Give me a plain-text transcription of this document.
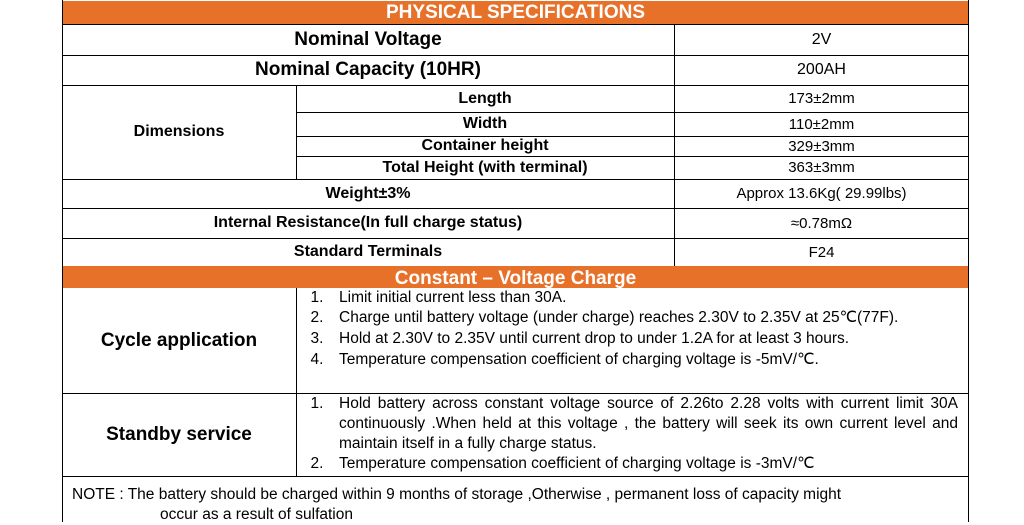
PHYSICAL SPECIFICATIONS
Nominal Voltage	2V
Nominal Capacity (10HR)	200AH
Dimensions
Length	173±2mm
Width	110±2mm
Container height	329±3mm
Total Height (with terminal)	363±3mm
Weight±3%	Approx 13.6Kg( 29.99lbs)
Internal Resistance(In full charge status)	≈0.78mΩ
Standard Terminals	F24
Constant – Voltage Charge
Cycle application
1.	Limit initial current less than 30A.
2.	Charge until battery voltage (under charge) reaches 2.30V to 2.35V at 25℃(77F).
3.	Hold at 2.30V to 2.35V until current drop to under 1.2A for at least 3 hours.
4.	Temperature compensation coefficient of charging voltage is -5mV/℃.
Standby service
1.	Hold battery across constant voltage source of 2.26to 2.28 volts with current limit 30A continuously .When held at this voltage , the battery will seek its own current level and maintain itself in a fully charge status.
2.	Temperature compensation coefficient of charging voltage is -3mV/℃
NOTE : The battery should be charged within 9 months of storage ,Otherwise , permanent loss of capacity might
occur as a result of sulfation
